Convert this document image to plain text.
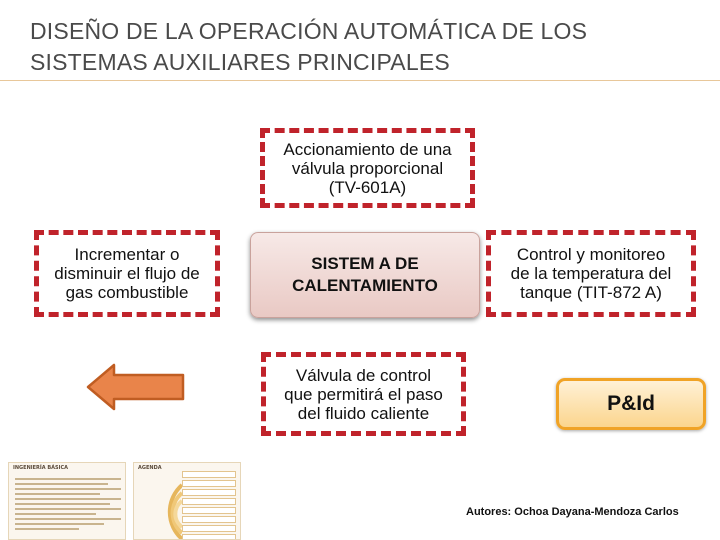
DISEÑO DE LA OPERACIÓN AUTOMÁTICA DE LOS
SISTEMAS AUXILIARES PRINCIPALES
Accionamiento de una
válvula proporcional
(TV-601A)
Incrementar o
disminuir el flujo de
gas combustible
SISTEM A DE
CALENTAMIENTO
Control y monitoreo
de la temperatura del
tanque (TIT-872 A)
Válvula de control
que permitirá el paso
del fluido caliente	P&Id
INGENIERÍA BÁSICA	AGENDA
Autores: Ochoa Dayana-Mendoza Carlos
